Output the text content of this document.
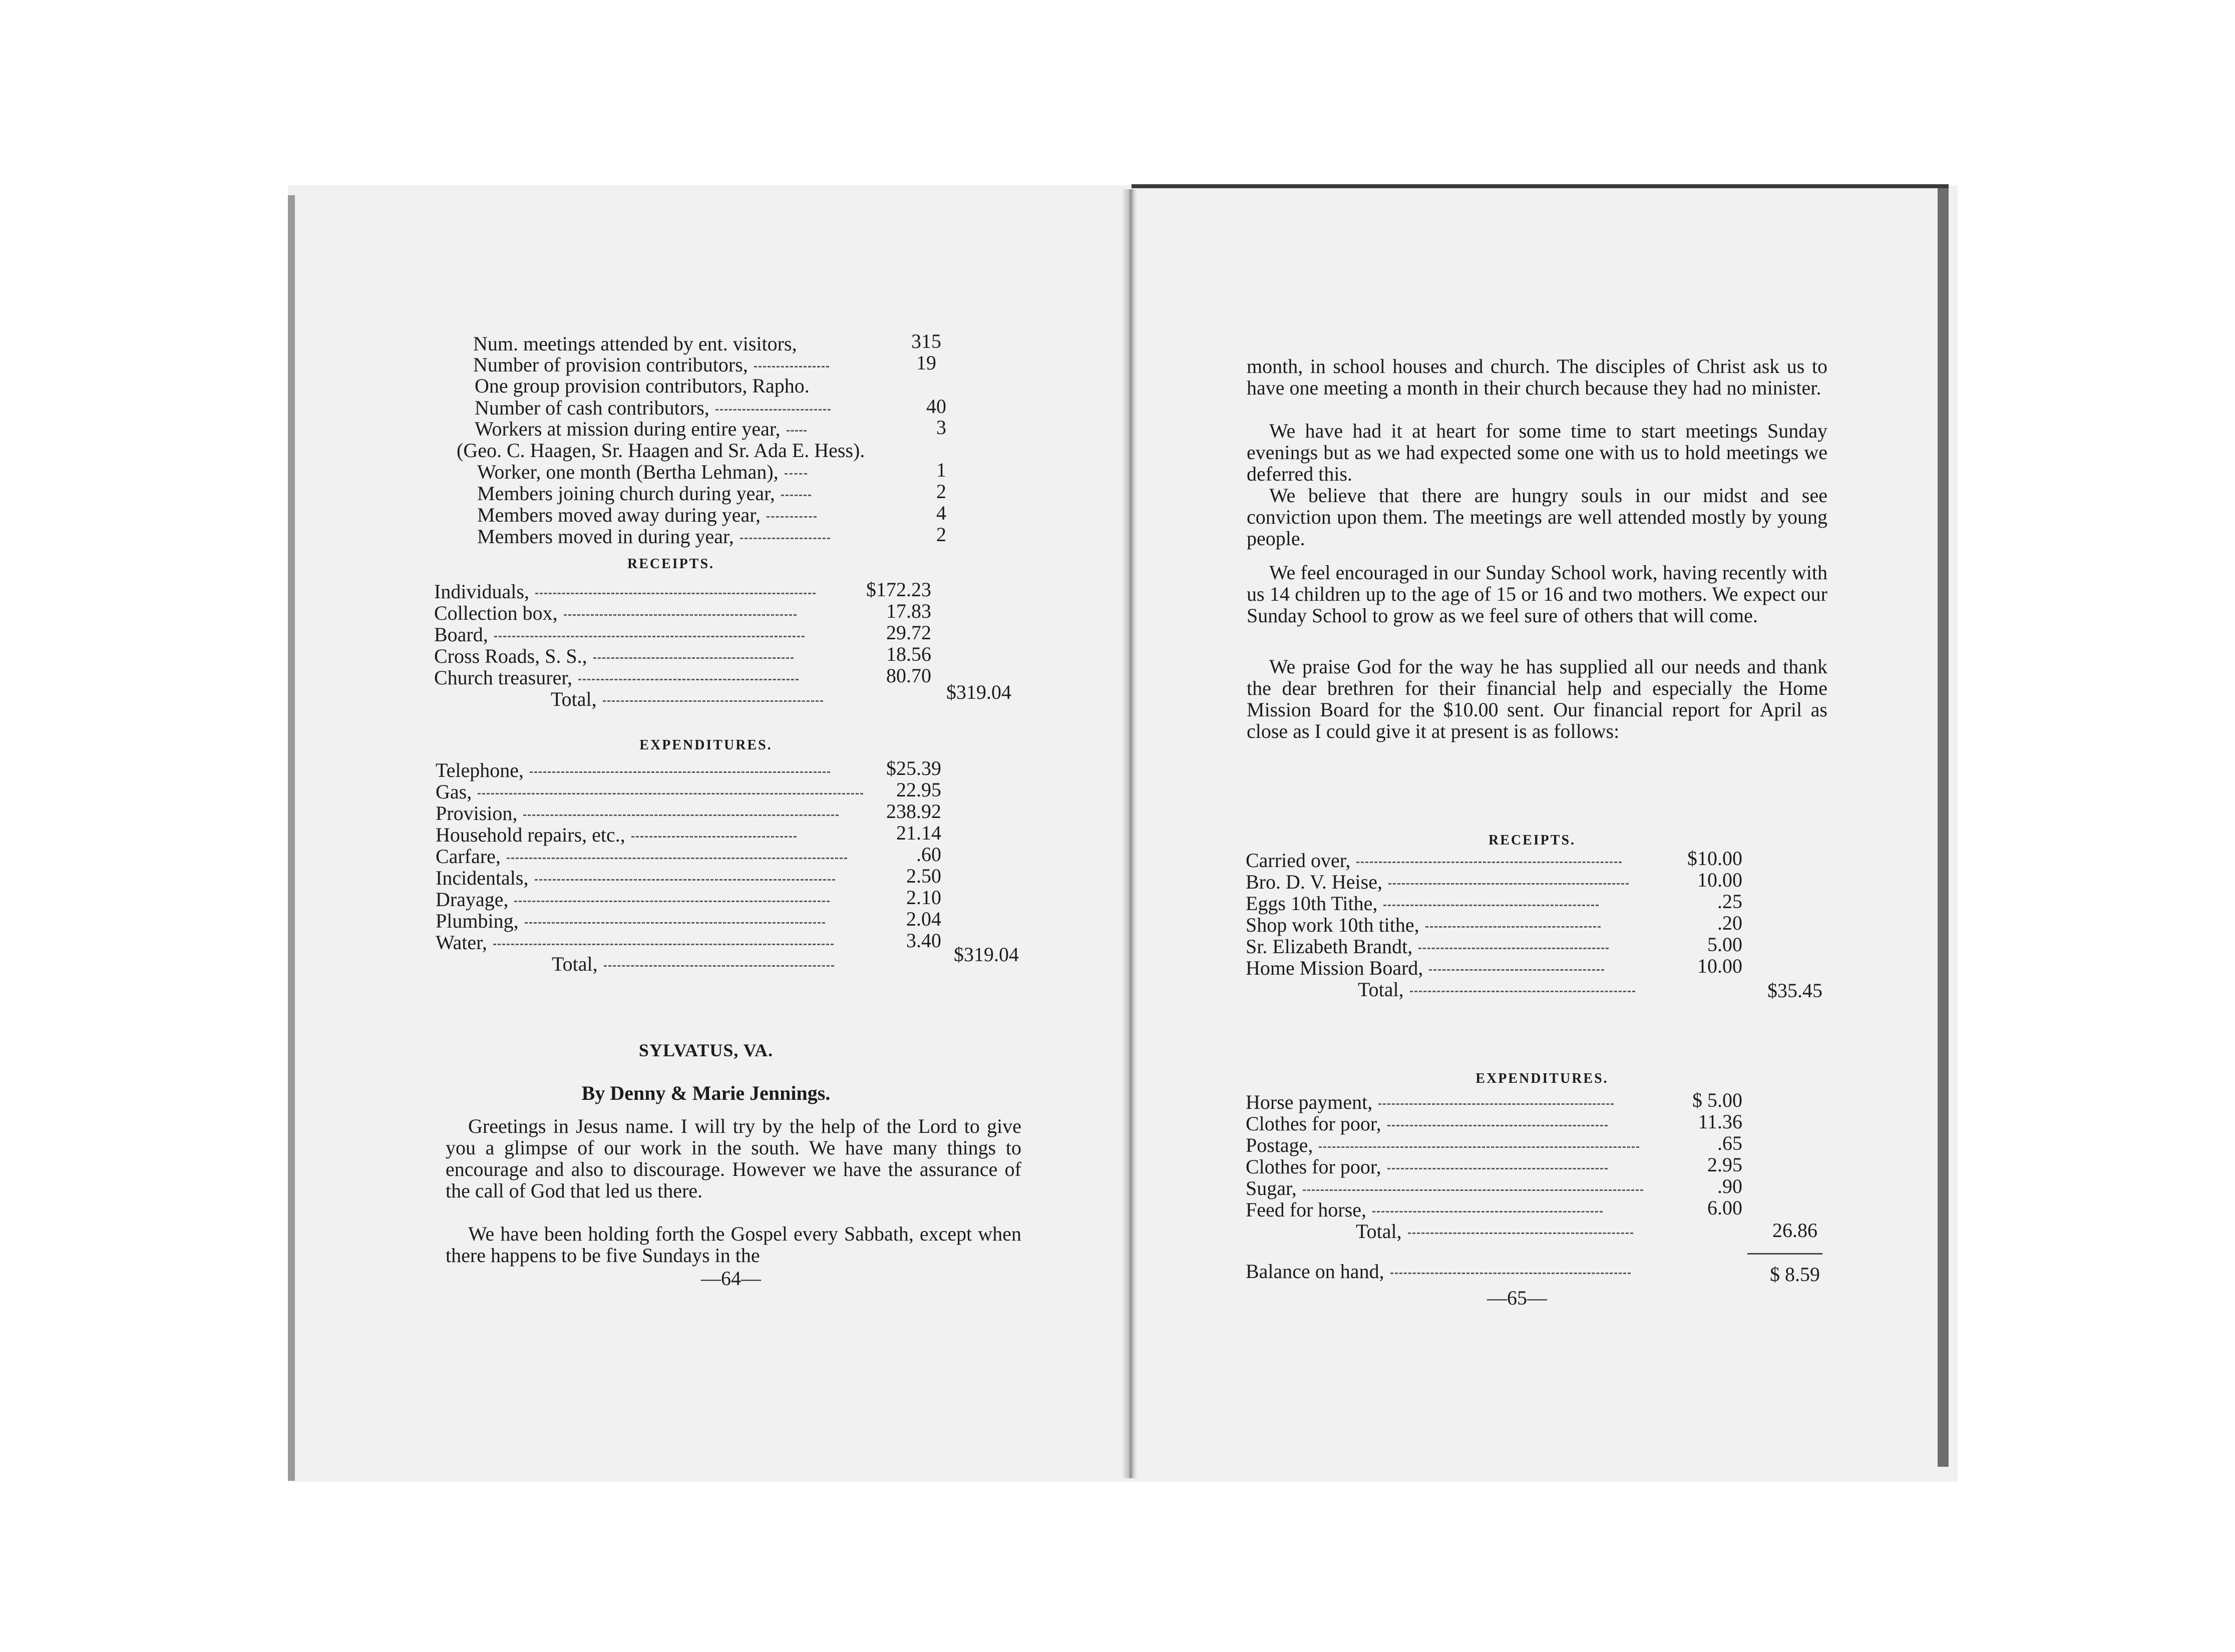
Num. meetings attended by ent. visitors,	315
Number of provision contributors,	19
One group provision contributors, Rapho.
Number of cash contributors,	40
Workers at mission during entire year,	3
(Geo. C. Haagen, Sr. Haagen and Sr. Ada E. Hess).
Worker, one month (Bertha Lehman),	1
Members joining church during year,	2
Members moved away during year,	4
Members moved in during year,	2
RECEIPTS.
Individuals,	$172.23
Collection box,	17.83
Board,	29.72
Cross Roads, S. S.,	18.56
Church treasurer,	80.70
Total,	$319.04
EXPENDITURES.
Telephone,	$25.39
Gas,	22.95
Provision,	238.92
Household repairs, etc.,	21.14
Carfare,	.60
Incidentals,	2.50
Drayage,	2.10
Plumbing,	2.04
Water,	3.40
Total,	$319.04
SYLVATUS, VA.
By Denny & Marie Jennings.
Greetings in Jesus name. I will try by the help of the Lord to give you a glimpse of our work in the south. We have many things to encourage and also to discourage. However we have the assurance of the call of God that led us there.
We have been holding forth the Gospel every Sabbath, except when there happens to be five Sundays in the
—64—
month, in school houses and church. The disciples of Christ ask us to have one meeting a month in their church because they had no minister.
We have had it at heart for some time to start meetings Sunday evenings but as we had expected some one with us to hold meetings we deferred this.
We believe that there are hungry souls in our midst and see conviction upon them. The meetings are well attended mostly by young people.
We feel encouraged in our Sunday School work, having recently with us 14 children up to the age of 15 or 16 and two mothers. We expect our Sunday School to grow as we feel sure of others that will come.
We praise God for the way he has supplied all our needs and thank the dear brethren for their financial help and especially the Home Mission Board for the $10.00 sent. Our financial report for April as close as I could give it at present is as follows:
RECEIPTS.
Carried over,	$10.00
Bro. D. V. Heise,	10.00
Eggs 10th Tithe,	.25
Shop work 10th tithe,	.20
Sr. Elizabeth Brandt,	5.00
Home Mission Board,	10.00
Total,	$35.45
EXPENDITURES.
Horse payment,	$ 5.00
Clothes for poor,	11.36
Postage,	.65
Clothes for poor,	2.95
Sugar,	.90
Feed for horse,	6.00
Total,	26.86
Balance on hand,	$ 8.59
—65—
